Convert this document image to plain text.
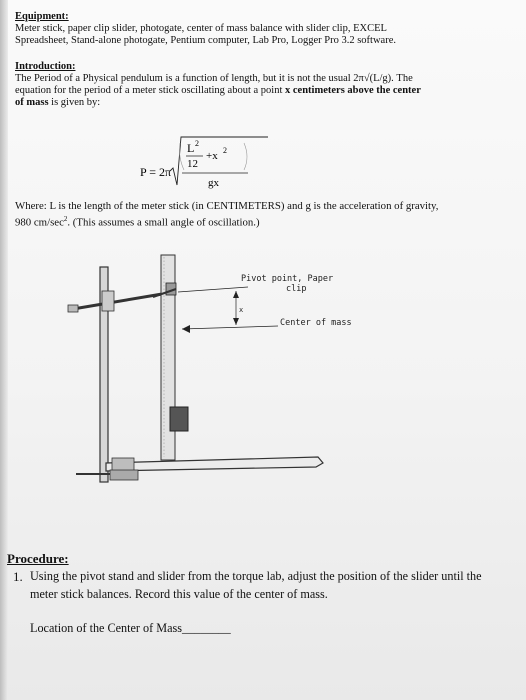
Equipment:
Meter stick, paper clip slider, photogate, center of mass balance with slider clip, EXCEL
Spreadsheet, Stand-alone photogate, Pentium computer, Lab Pro, Logger Pro 3.2 software.
Introduction:
The Period of a Physical pendulum is a function of length, but it is not the usual 2π√(L/g). The
equation for the period of a meter stick oscillating about a point x centimeters above the center
of mass is given by:
P = 2π
L 2
12
+x 2
gx
Where: L is the length of the meter stick (in CENTIMETERS) and g is the acceleration of gravity,
980 $cm/\sec^2$. (This assumes a small angle of oscillation.)
Pivot point, Paper
clip
x
Center of mass
Procedure:
1. Using the pivot stand and slider from the torque lab, adjust the position of the slider until the
meter stick balances. Record this value of the center of mass.
Location of the Center of Mass________
